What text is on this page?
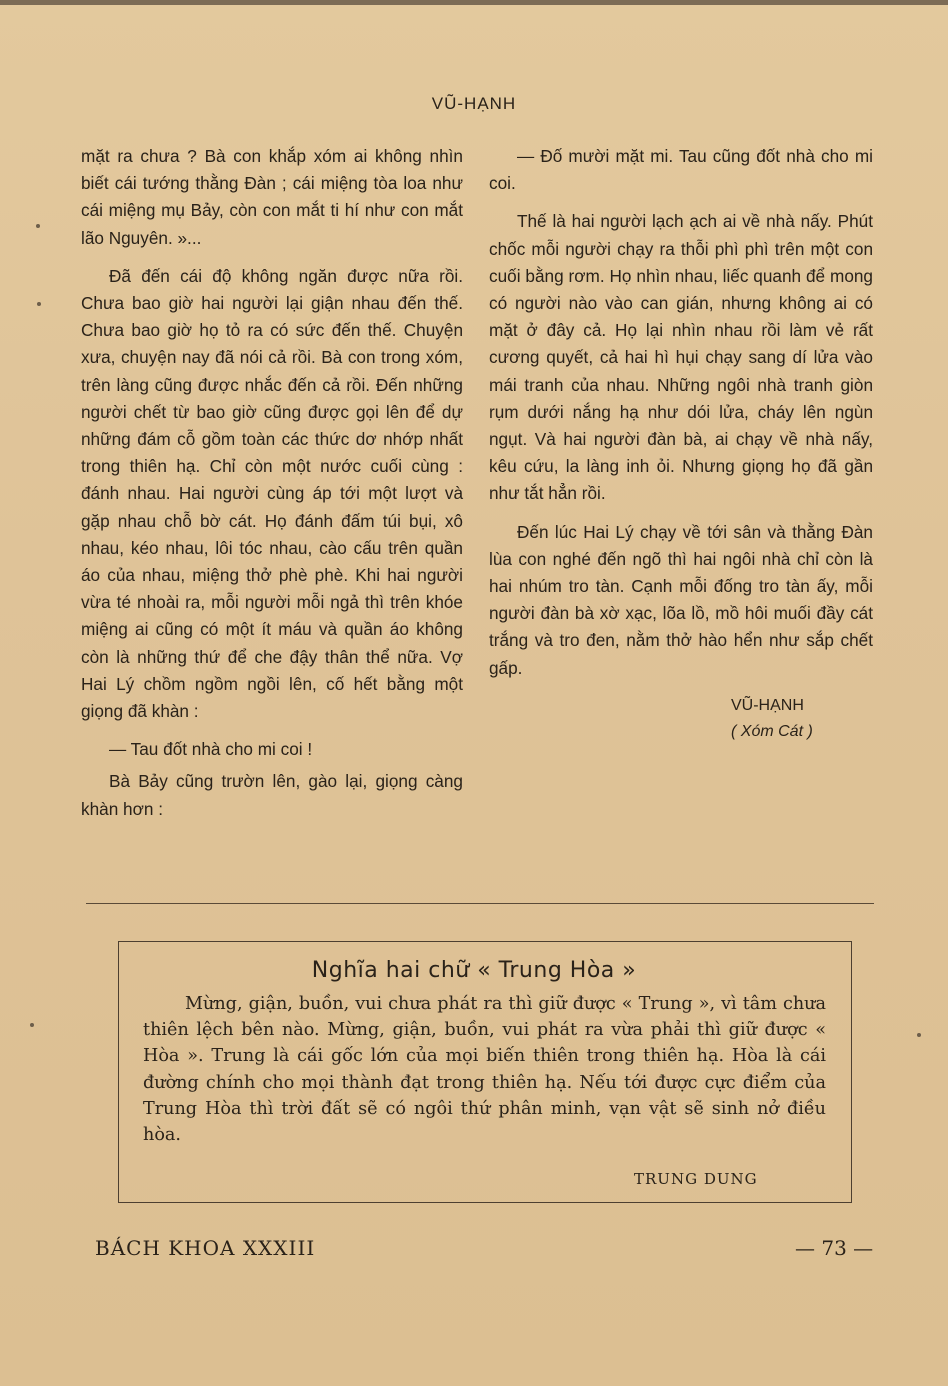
VŨ-HẠNH

mặt ra chưa ? Bà con khắp xóm ai không nhìn biết cái tướng thằng Đàn ; cái miệng tòa loa như cái miệng mụ Bảy, còn con mắt ti hí như con mắt lão Nguyên. »...

Đã đến cái độ không ngăn được nữa rồi. Chưa bao giờ hai người lại giận nhau đến thế. Chưa bao giờ họ tỏ ra có sức đến thế. Chuyện xưa, chuyện nay đã nói cả rồi. Bà con trong xóm, trên làng cũng được nhắc đến cả rồi. Đến những người chết từ bao giờ cũng được gọi lên để dự những đám cỗ gồm toàn các thức dơ nhớp nhất trong thiên hạ. Chỉ còn một nước cuối cùng : đánh nhau. Hai người cùng áp tới một lượt và gặp nhau chỗ bờ cát. Họ đánh đấm túi bụi, xô nhau, kéo nhau, lôi tóc nhau, cào cấu trên quần áo của nhau, miệng thở phè phè. Khi hai người vừa té nhoài ra, mỗi người mỗi ngả thì trên khóe miệng ai cũng có một ít máu và quần áo không còn là những thứ để che đậy thân thể nữa. Vợ Hai Lý chồm ngồm ngồi lên, cố hết bằng một giọng đã khàn :

— Tau đốt nhà cho mi coi !

Bà Bảy cũng trườn lên, gào lại, giọng càng khàn hơn :

— Đố mười mặt mi. Tau cũng đốt nhà cho mi coi.

Thế là hai người lạch ạch ai về nhà nấy. Phút chốc mỗi người chạy ra thỗi phì phì trên một con cuối bằng rơm. Họ nhìn nhau, liếc quanh để mong có người nào vào can gián, nhưng không ai có mặt ở đây cả. Họ lại nhìn nhau rồi làm vẻ rất cương quyết, cả hai hì hụi chạy sang dí lửa vào mái tranh của nhau. Những ngôi nhà tranh giòn rụm dưới nắng hạ như dói lửa, cháy lên ngùn ngụt. Và hai người đàn bà, ai chạy về nhà nấy, kêu cứu, la làng inh ỏi. Nhưng giọng họ đã gần như tắt hẳn rồi.

Đến lúc Hai Lý chạy về tới sân và thằng Đàn lùa con nghé đến ngõ thì hai ngôi nhà chỉ còn là hai nhúm tro tàn. Cạnh mỗi đống tro tàn ấy, mỗi người đàn bà xờ xạc, lõa lồ, mồ hôi muối đầy cát trắng và tro đen, nằm thở hào hển như sắp chết gấp.

VŨ-HẠNH
( Xóm Cát )
Nghĩa hai chữ « Trung Hòa »

Mừng, giận, buồn, vui chưa phát ra thì giữ được « Trung », vì tâm chưa thiên lệch bên nào. Mừng, giận, buồn, vui phát ra vừa phải thì giữ được « Hòa ». Trung là cái gốc lớn của mọi biến thiên trong thiên hạ. Hòa là cái đường chính cho mọi thành đạt trong thiên hạ. Nếu tới được cực điểm của Trung Hòa thì trời đất sẽ có ngôi thứ phân minh, vạn vật sẽ sinh nở điều hòa.

TRUNG DUNG
BÁCH KHOA XXXIII	— 73 —
